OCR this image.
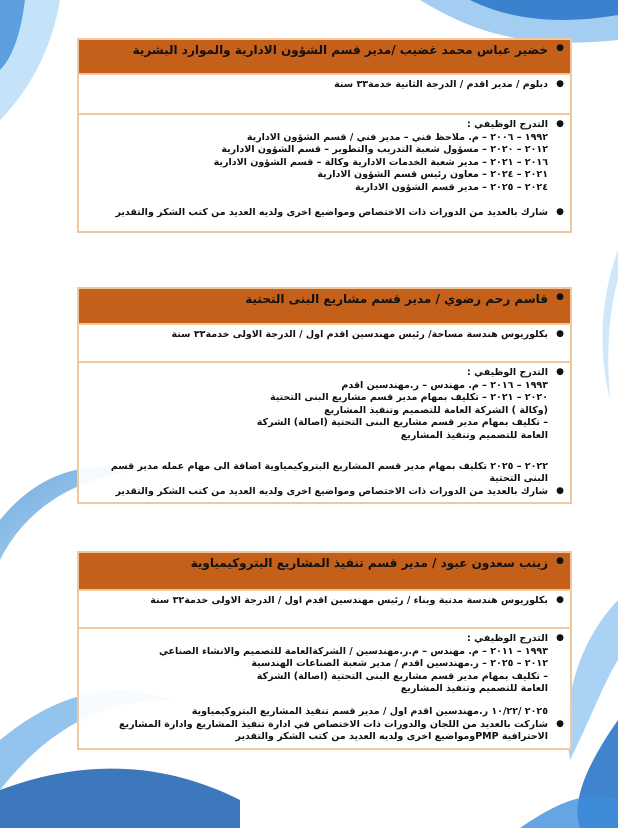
●
خضير عباس محمد غضيب /مدير قسم الشؤون الادارية والموارد البشرية
●
دبلوم / مدير اقدم / الدرجة الثانية خدمة٣٣ سنة
●
التدرج الوظيفي :
١٩٩٢ – ٢٠٠٦ – م. ملاحظ فني – مدير فني / قسم الشؤون الادارية
٢٠١٢ – ٢٠٢٠ – مسؤول شعبة التدريب والتطوير – قسم الشؤون الادارية
٢٠١٦ – ٢٠٢١ – مدير شعبة الخدمات الادارية وكالة – قسم الشؤون الادارية
٢٠٢١ – ٢٠٢٤ – معاون رئيس قسم الشؤون الادارية
٢٠٢٤ – ٢٠٢٥ – مدير قسم الشؤون الادارية
●
شارك بالعديد من الدورات ذات الاختصاص ومواضيع اخرى ولديه العديد من كتب الشكر والتقدير
●
قاسم رحم رضوي / مدير قسم مشاريع البنى التحتية
●
بكلوريوس هندسة مساحة/ رئيس مهندسين اقدم اول / الدرجة الاولى خدمة٣٣ سنة
●
التدرج الوظيفي :
١٩٩٣ – ٢٠١٦ – م. مهندس – ر.مهندسين اقدم
٢٠٢٠ – ٢٠٢١ – تكليف بمهام مدير قسم مشاريع البنى التحتية (وكالة ) الشركة العامة للتصميم وتنفيذ المشاريع
– تكليف بمهام مدير قسم مشاريع البنى التحتية (اصالة) الشركة العامة للتصميم وتنفيذ المشاريع
٢٠٢٢ – ٢٠٢٥ تكليف بمهام مدير قسم المشاريع البتروكيمياوية اضافة الى مهام عمله مدير قسم البنى التحتية
●
شارك بالعديد من الدورات ذات الاختصاص ومواضيع اخرى ولديه العديد من كتب الشكر والتقدير
●
زينب سعدون عبود / مدير قسم تنفيذ المشاريع البتروكيمياوية
●
بكلوريوس هندسة مدنية وبناء / رئيس مهندسين اقدم اول / الدرجة الاولى خدمة٣٢ سنة
●
التدرج الوظيفي :
١٩٩٣ – ٢٠١١ – م. مهندس – م.ر.مهندسين / الشركةالعامة للتصميم والانشاء الصناعي
٢٠١٢ – ٢٠٢٥ – ر.مهندسين اقدم / مدير شعبة الصناعات الهندسية
– تكليف بمهام مدير قسم مشاريع البنى التحتية (اصالة) الشركة العامة للتصميم وتنفيذ المشاريع
٢٠٢٥ /١٠/٢٢ ر.مهندسين اقدم اول / مدير قسم تنفيذ المشاريع البتروكيمياوية
●
شاركت بالعديد من اللجان والدورات ذات الاختصاص في ادارة تنفيذ المشاريع وادارة المشاريع الاحترافية PMPومواضيع اخرى ولديه العديد من كتب الشكر والتقدير
